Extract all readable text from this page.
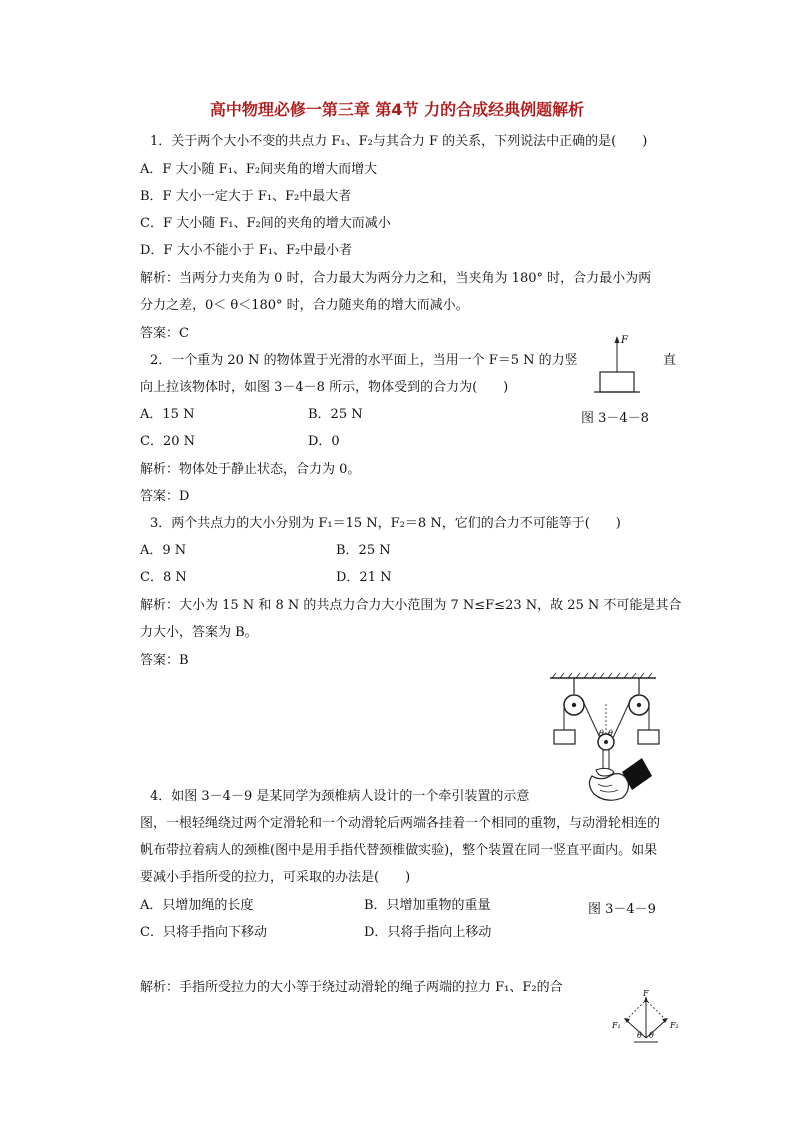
高中物理必修一第三章 第4节 力的合成经典例题解析
1．关于两个大小不变的共点力 F₁、F₂与其合力 F 的关系，下列说法中正确的是(　　)
A．F 大小随 F₁、F₂间夹角的增大而增大
B．F 大小一定大于 F₁、F₂中最大者
C．F 大小随 F₁、F₂间的夹角的增大而减小
D．F 大小不能小于 F₁、F₂中最小者
解析：当两分力夹角为 0 时，合力最大为两分力之和，当夹角为 180° 时，合力最小为两
分力之差，0＜ θ＜180° 时，合力随夹角的增大而减小。
答案：C
2．一个重为 20 N 的物体置于光滑的水平面上，当用一个 F＝5 N 的力竖	直
向上拉该物体时，如图 3－4－8 所示，物体受到的合力为(　　)
F
图 3－4－8
A．15 N	B．25 N
C．20 N	D．0
解析：物体处于静止状态，合力为 0。
答案：D
3．两个共点力的大小分别为 F₁＝15 N，F₂＝8 N，它们的合力不可能等于(　　)
A．9 N	B．25 N
C．8 N	D．21 N
解析：大小为 15 N 和 8 N 的共点力合力大小范围为 7 N≤F≤23 N，故 25 N 不可能是其合
力大小，答案为 B。
答案：B
θ θ
4．如图 3－4－9 是某同学为颈椎病人设计的一个牵引装置的示意
图，一根轻绳绕过两个定滑轮和一个动滑轮后两端各挂着一个相同的重物，与动滑轮相连的
帆布带拉着病人的颈椎(图中是用手指代替颈椎做实验)，整个装置在同一竖直平面内。如果
要减小手指所受的拉力，可采取的办法是(　　)
A．只增加绳的长度	B．只增加重物的重量	图 3－4－9
C．只将手指向下移动	D．只将手指向上移动
解析：手指所受拉力的大小等于绕过动滑轮的绳子两端的拉力 F₁、F₂的合	F
F₁	F₂
θ θ
